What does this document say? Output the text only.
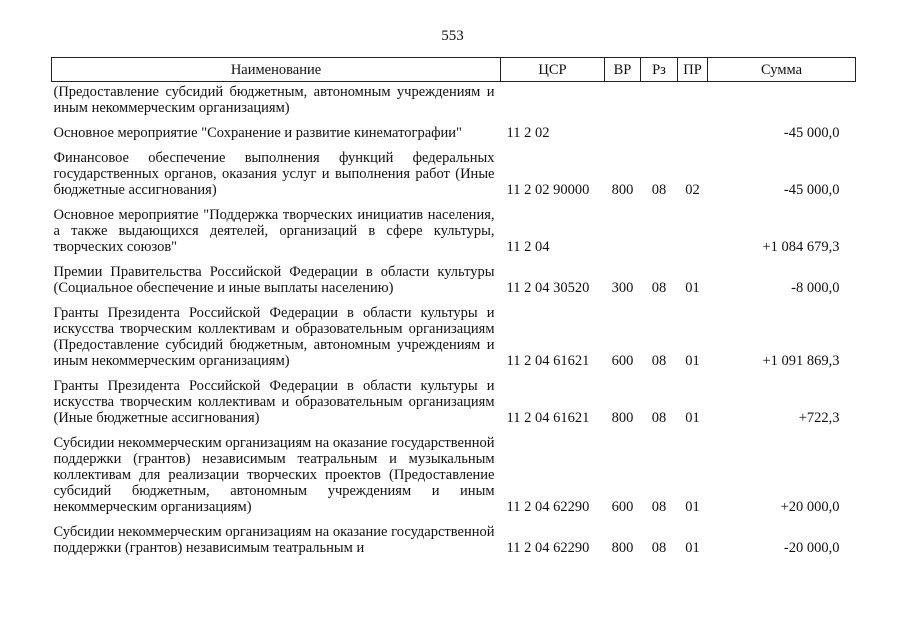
553
Наименование	ЦСР	ВР	Рз	ПР	Сумма
(Предоставление субсидий бюджетным, автономным учреждениям и иным некоммерческим организациям)					
Основное мероприятие "Сохранение и развитие кинематографии"	11 2 02				-45 000,0
Финансовое обеспечение выполнения функций федеральных государственных органов, оказания услуг и выполнения работ (Иные бюджетные ассигнования)	11 2 02 90000	800	08	02	-45 000,0
Основное мероприятие "Поддержка творческих инициатив населения, а также выдающихся деятелей, организаций в сфере культуры, творческих союзов"	11 2 04				+1 084 679,3
Премии Правительства Российской Федерации в области культуры (Социальное обеспечение и иные выплаты населению)	11 2 04 30520	300	08	01	-8 000,0
Гранты Президента Российской Федерации в области культуры и искусства творческим коллективам и образовательным организациям (Предоставление субсидий бюджетным, автономным учреждениям и иным некоммерческим организациям)	11 2 04 61621	600	08	01	+1 091 869,3
Гранты Президента Российской Федерации в области культуры и искусства творческим коллективам и образовательным организациям (Иные бюджетные ассигнования)	11 2 04 61621	800	08	01	+722,3
Субсидии некоммерческим организациям на оказание государственной поддержки (грантов) независимым театральным и музыкальным коллективам для реализации творческих проектов (Предоставление субсидий бюджетным, автономным учреждениям и иным некоммерческим организациям)	11 2 04 62290	600	08	01	+20 000,0
Субсидии некоммерческим организациям на оказание государственной поддержки (грантов) независимым театральным и	11 2 04 62290	800	08	01	-20 000,0
